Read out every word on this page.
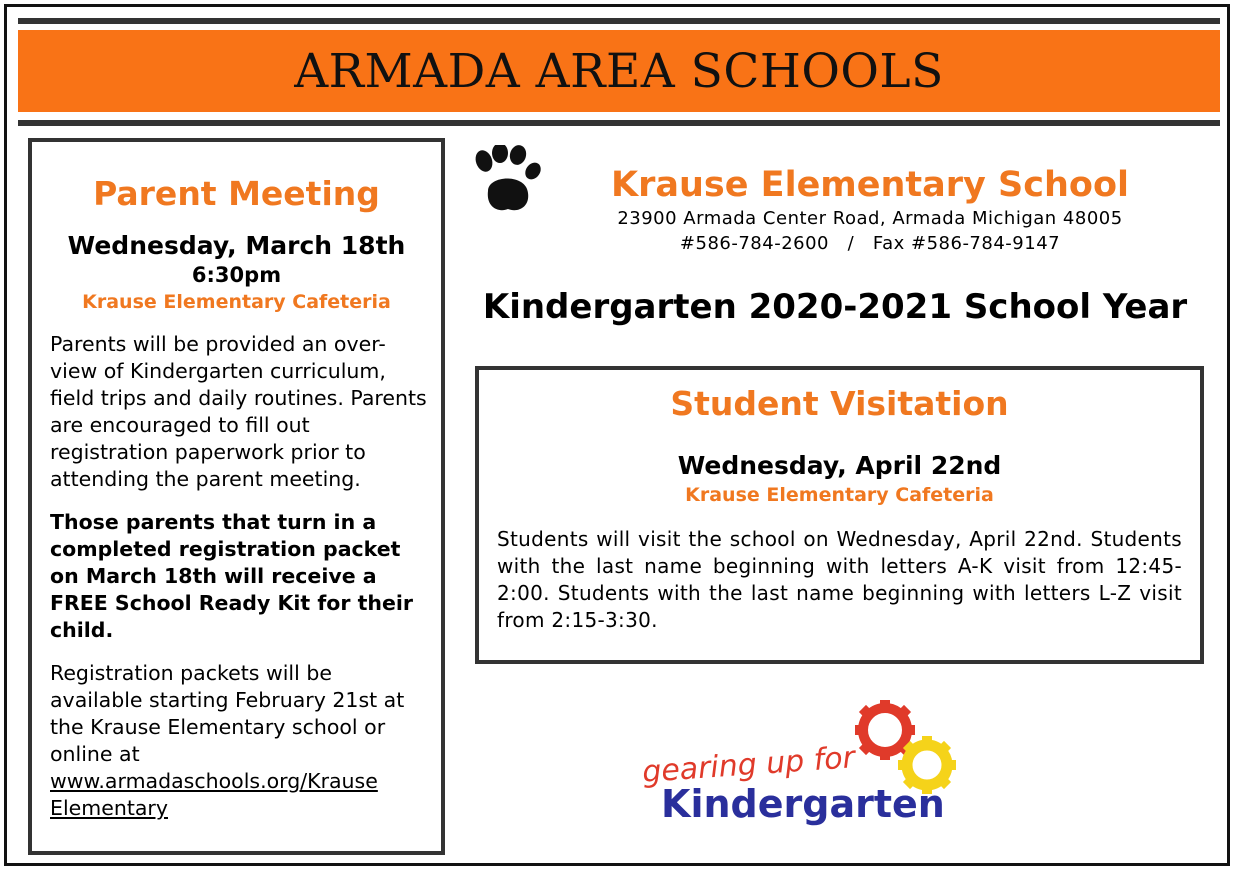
ARMADA AREA SCHOOLS
Parent Meeting
Wednesday, March 18th
6:30pm
Krause Elementary Cafeteria

Parents will be provided an over-view of Kindergarten curriculum, field trips and daily routines. Parents are encouraged to fill out registration paperwork prior to attending the parent meeting.

Those parents that turn in a completed registration packet on March 18th will receive a FREE School Ready Kit for their child.

Registration packets will be available starting February 21st at the Krause Elementary school or online at www.armadaschools.org/Krause Elementary

Krause Elementary School
23900 Armada Center Road, Armada Michigan 48005
#586-784-2600   /   Fax #586-784-9147
Kindergarten 2020-2021 School Year
Student Visitation
Wednesday, April 22nd
Krause Elementary Cafeteria
Students will visit the school on Wednesday, April 22nd. Students with the last name beginning with letters A-K visit from 12:45-2:00. Students with the last name beginning with letters L-Z visit from 2:15-3:30.
gearing up for
Kindergarten
